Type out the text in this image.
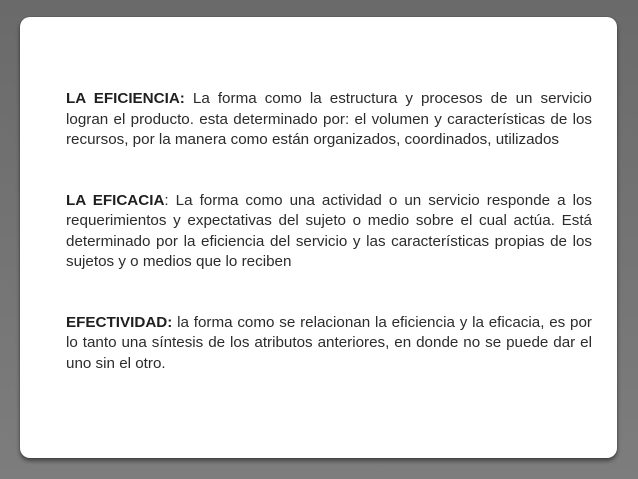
LA EFICIENCIA: La forma como la estructura y procesos de un servicio logran el producto. esta determinado por: el volumen y características de los recursos, por la manera como están organizados, coordinados, utilizados

LA EFICACIA: La forma como una actividad o un servicio responde a los requerimientos y expectativas del sujeto o medio sobre el cual actúa. Está determinado por la eficiencia del servicio y las características propias de los sujetos y o medios que lo reciben

EFECTIVIDAD: la forma como se relacionan la eficiencia y la eficacia, es por lo tanto una síntesis de los atributos anteriores, en donde no se puede dar el uno sin el otro.
